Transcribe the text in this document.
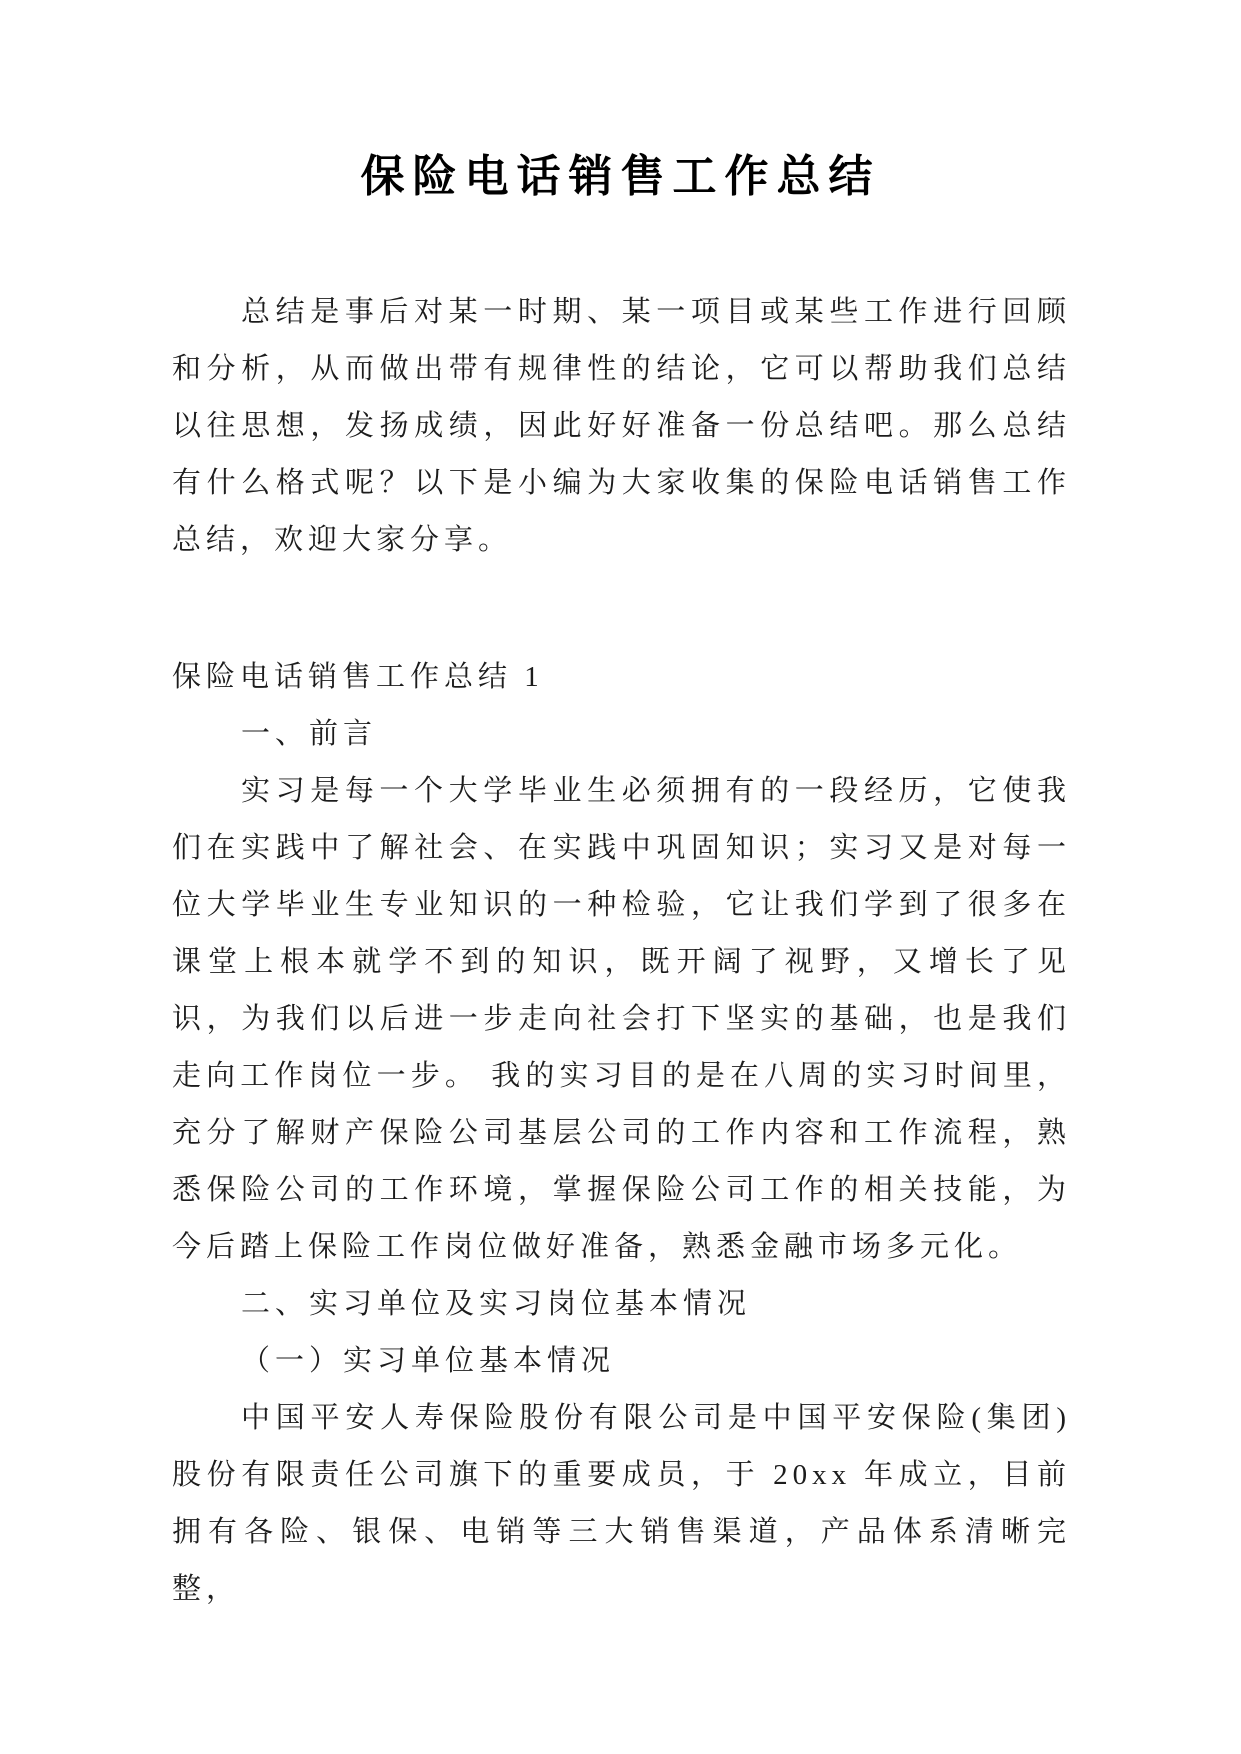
保险电话销售工作总结

总结是事后对某一时期、某一项目或某些工作进行回顾和分析，从而做出带有规律性的结论，它可以帮助我们总结以往思想，发扬成绩，因此好好准备一份总结吧。那么总结有什么格式呢？以下是小编为大家收集的保险电话销售工作总结，欢迎大家分享。

保险电话销售工作总结 1

一、前言

实习是每一个大学毕业生必须拥有的一段经历，它使我们在实践中了解社会、在实践中巩固知识；实习又是对每一位大学毕业生专业知识的一种检验，它让我们学到了很多在课堂上根本就学不到的知识，既开阔了视野，又增长了见识，为我们以后进一步走向社会打下坚实的基础，也是我们走向工作岗位一步。 我的实习目的是在八周的实习时间里，充分了解财产保险公司基层公司的工作内容和工作流程，熟悉保险公司的工作环境，掌握保险公司工作的相关技能，为今后踏上保险工作岗位做好准备，熟悉金融市场多元化。

二、实习单位及实习岗位基本情况

（一）实习单位基本情况

中国平安人寿保险股份有限公司是中国平安保险(集团)股份有限责任公司旗下的重要成员，于 20xx 年成立，目前拥有各险、银保、电销等三大销售渠道，产品体系清晰完整，
